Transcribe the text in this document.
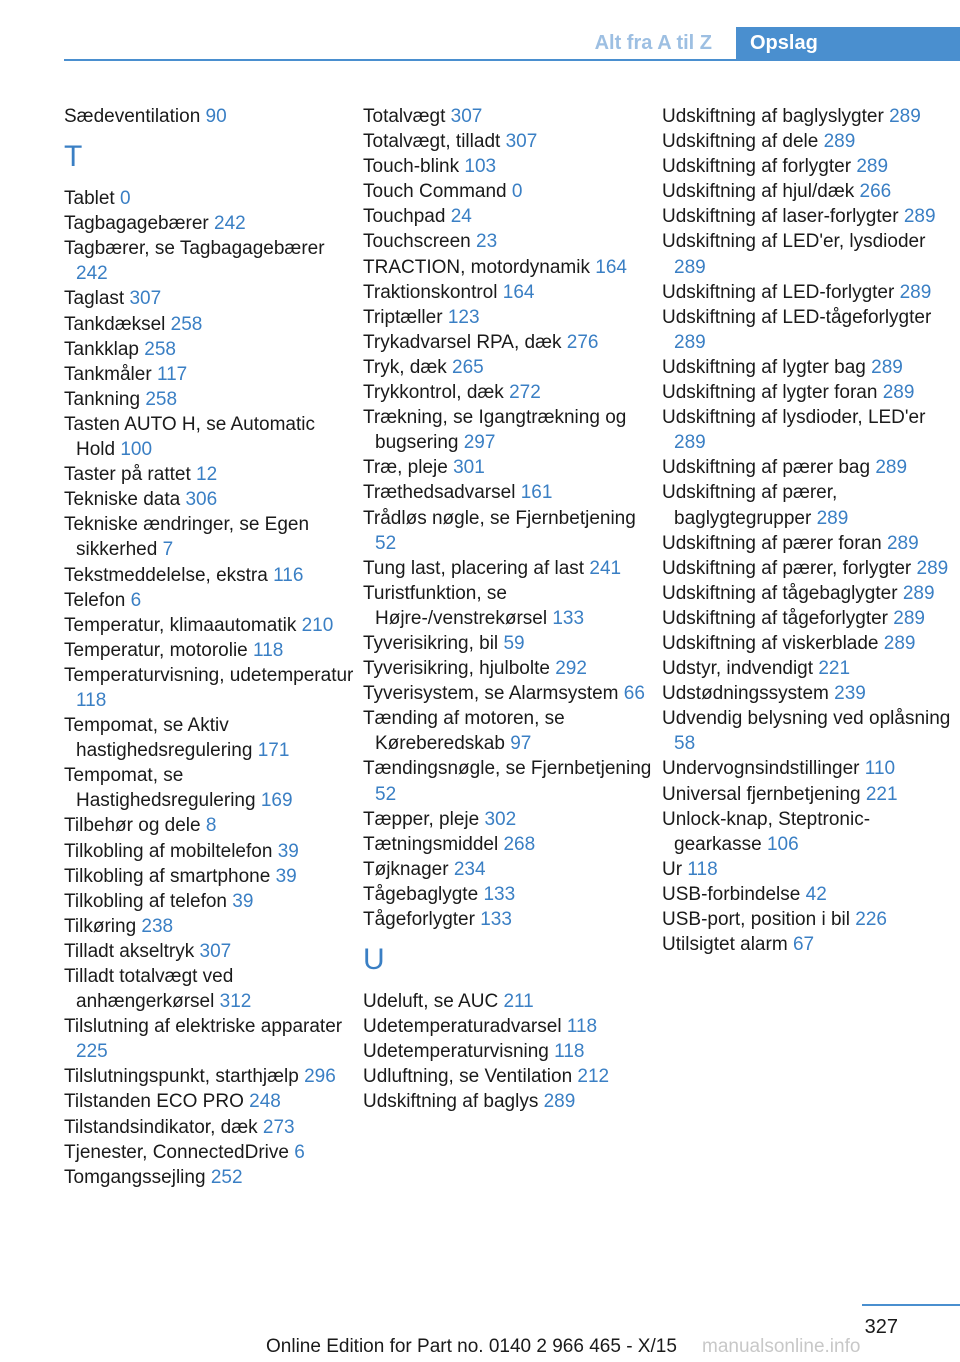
Alt fra A til Z	Opslag
Sædeventilation 90
T
Tablet 0
Tagbagagebærer 242
Tagbærer, se Tagbagagebærer 242
Taglast 307
Tankdæksel 258
Tankklap 258
Tankmåler 117
Tankning 258
Tasten AUTO H, se Automatic Hold 100
Taster på rattet 12
Tekniske data 306
Tekniske ændringer, se Egen sikkerhed 7
Tekstmeddelelse, ekstra 116
Telefon 6
Temperatur, klimaautomatik 210
Temperatur, motorolie 118
Temperaturvisning, udetemperatur 118
Tempomat, se Aktiv hastighedsregulering 171
Tempomat, se Hastighedsregulering 169
Tilbehør og dele 8
Tilkobling af mobiltelefon 39
Tilkobling af smartphone 39
Tilkobling af telefon 39
Tilkøring 238
Tilladt akseltryk 307
Tilladt totalvægt ved anhængerkørsel 312
Tilslutning af elektriske apparater 225
Tilslutningspunkt, starthjælp 296
Tilstanden ECO PRO 248
Tilstandsindikator, dæk 273
Tjenester, ConnectedDrive 6
Tomgangssejling 252
Totalvægt 307
Totalvægt, tilladt 307
Touch-blink 103
Touch Command 0
Touchpad 24
Touchscreen 23
TRACTION, motordynamik 164
Traktionskontrol 164
Triptæller 123
Trykadvarsel RPA, dæk 276
Tryk, dæk 265
Trykkontrol, dæk 272
Trækning, se Igangtrækning og bugsering 297
Træ, pleje 301
Træthedsadvarsel 161
Trådløs nøgle, se Fjernbetjening 52
Tung last, placering af last 241
Turistfunktion, se Højre-/venstrekørsel 133
Tyverisikring, bil 59
Tyverisikring, hjulbolte 292
Tyverisystem, se Alarmsystem 66
Tænding af motoren, se Køreberedskab 97
Tændingsnøgle, se Fjernbetjening 52
Tæpper, pleje 302
Tætningsmiddel 268
Tøjknager 234
Tågebaglygte 133
Tågeforlygter 133
U
Udeluft, se AUC 211
Udetemperaturadvarsel 118
Udetemperaturvisning 118
Udluftning, se Ventilation 212
Udskiftning af baglys 289
Udskiftning af baglyslygter 289
Udskiftning af dele 289
Udskiftning af forlygter 289
Udskiftning af hjul/dæk 266
Udskiftning af laser-forlygter 289
Udskiftning af LED'er, lysdioder 289
Udskiftning af LED-forlygter 289
Udskiftning af LED-tågeforlygter 289
Udskiftning af lygter bag 289
Udskiftning af lygter foran 289
Udskiftning af lysdioder, LED'er 289
Udskiftning af pærer bag 289
Udskiftning af pærer, baglygtegrupper 289
Udskiftning af pærer foran 289
Udskiftning af pærer, forlygter 289
Udskiftning af tågebaglygter 289
Udskiftning af tågeforlygter 289
Udskiftning af viskerblade 289
Udstyr, indvendigt 221
Udstødningssystem 239
Udvendig belysning ved oplåsning 58
Undervognsindstillinger 110
Universal fjernbetjening 221
Unlock-knap, Steptronic-gearkasse 106
Ur 118
USB-forbindelse 42
USB-port, position i bil 226
Utilsigtet alarm 67
327
Online Edition for Part no. 0140 2 966 465 - X/15 manualsonline.info
